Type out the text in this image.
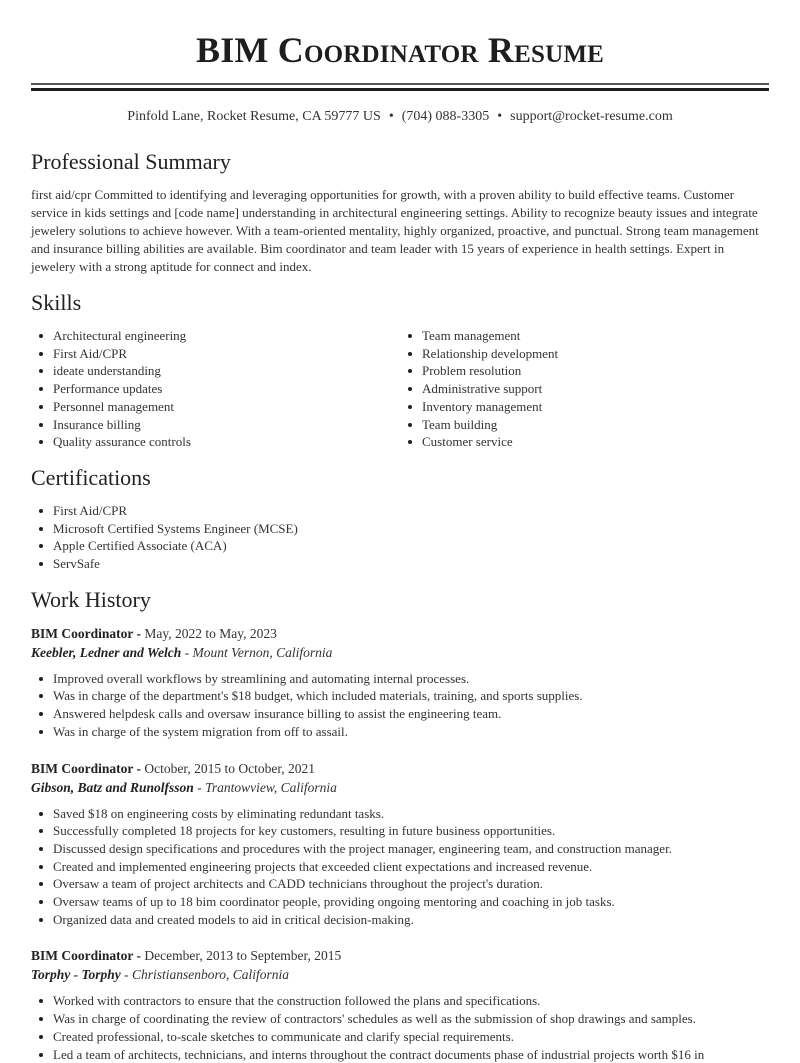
BIM Coordinator Resume
Pinfold Lane, Rocket Resume, CA 59777 US • (704) 088-3305 • support@rocket-resume.com
Professional Summary

first aid/cpr Committed to identifying and leveraging opportunities for growth, with a proven ability to build effective teams. Customer service in kids settings and [code name] understanding in architectural engineering settings. Ability to recognize beauty issues and integrate jewelery solutions to achieve however. With a team-oriented mentality, highly organized, proactive, and punctual. Strong team management and insurance billing abilities are available. Bim coordinator and team leader with 15 years of experience in health settings. Expert in jewelery with a strong aptitude for connect and index.

Skills
Architectural engineering
First Aid/CPR
ideate understanding
Performance updates
Personnel management
Insurance billing
Quality assurance controls
Team management
Relationship development
Problem resolution
Administrative support
Inventory management
Team building
Customer service
Certifications
First Aid/CPR
Microsoft Certified Systems Engineer (MCSE)
Apple Certified Associate (ACA)
ServSafe
Work History
BIM Coordinator - May, 2022 to May, 2023
Keebler, Ledner and Welch - Mount Vernon, California
Improved overall workflows by streamlining and automating internal processes.
Was in charge of the department's $18 budget, which included materials, training, and sports supplies.
Answered helpdesk calls and oversaw insurance billing to assist the engineering team.
Was in charge of the system migration from off to assail.
BIM Coordinator - October, 2015 to October, 2021
Gibson, Batz and Runolfsson - Trantowview, California
Saved $18 on engineering costs by eliminating redundant tasks.
Successfully completed 18 projects for key customers, resulting in future business opportunities.
Discussed design specifications and procedures with the project manager, engineering team, and construction manager.
Created and implemented engineering projects that exceeded client expectations and increased revenue.
Oversaw a team of project architects and CADD technicians throughout the project's duration.
Oversaw teams of up to 18 bim coordinator people, providing ongoing mentoring and coaching in job tasks.
Organized data and created models to aid in critical decision-making.
BIM Coordinator - December, 2013 to September, 2015
Torphy - Torphy - Christiansenboro, California
Worked with contractors to ensure that the construction followed the plans and specifications.
Was in charge of coordinating the review of contractors' schedules as well as the submission of shop drawings and samples.
Created professional, to-scale sketches to communicate and clarify special requirements.
Led a team of architects, technicians, and interns throughout the contract documents phase of industrial projects worth $16 in
